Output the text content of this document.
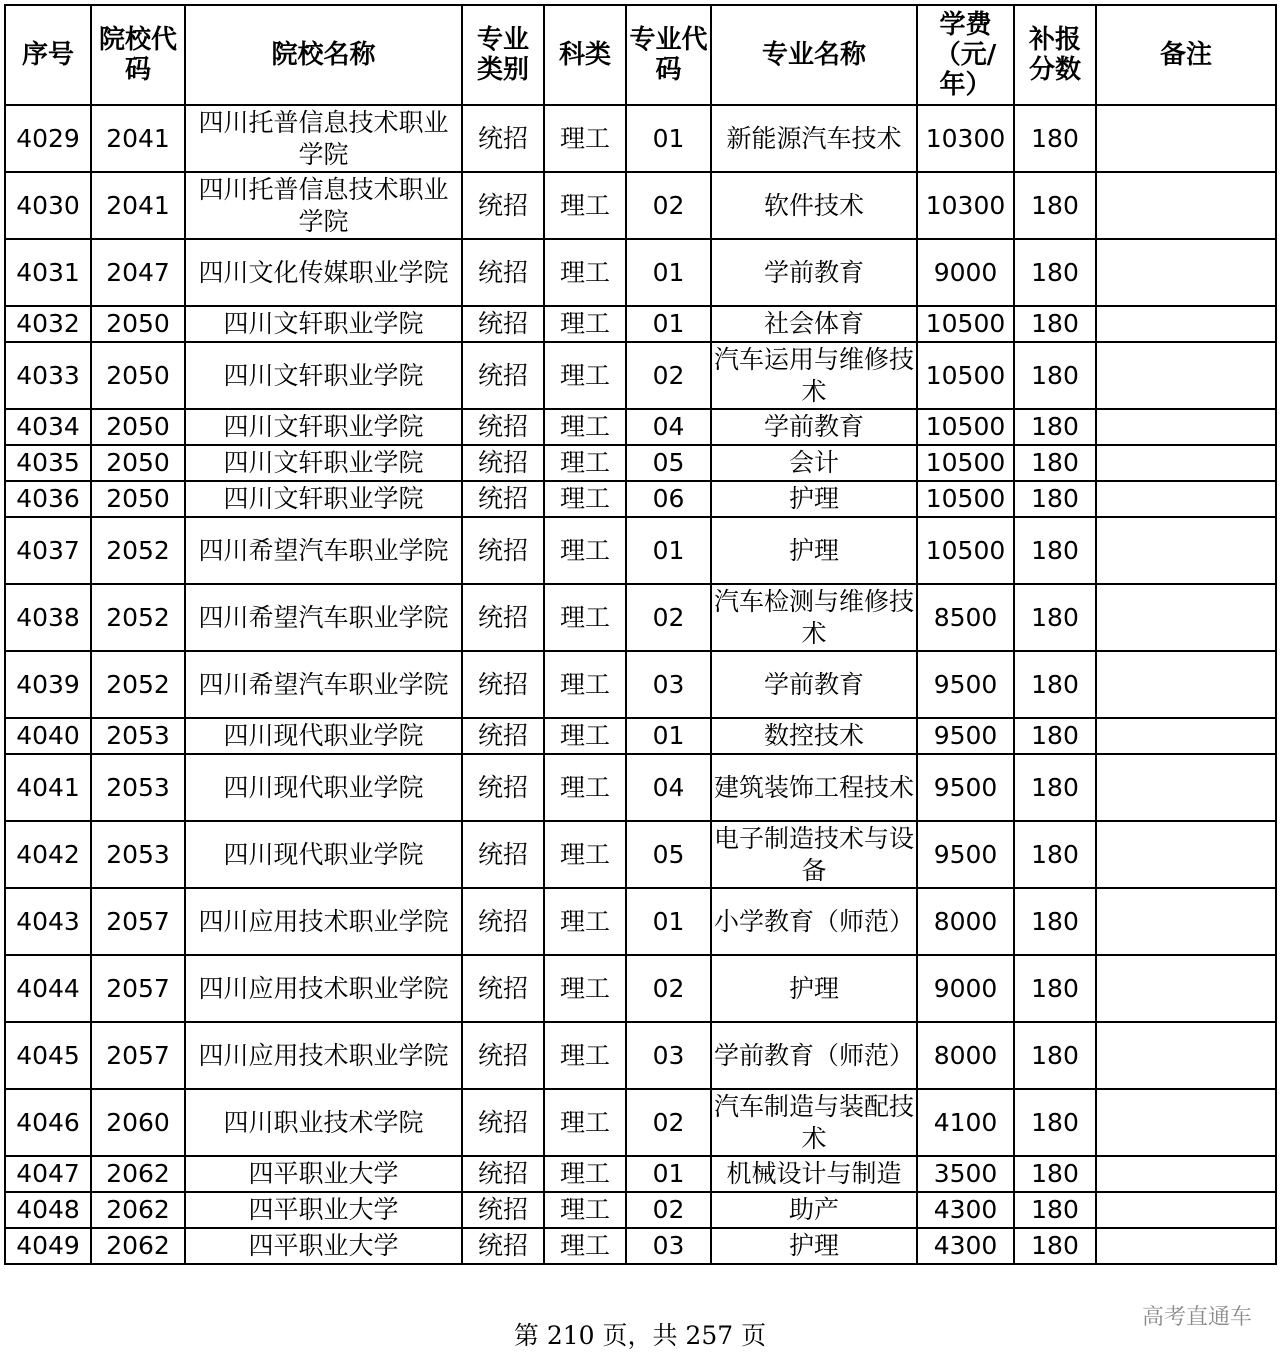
序号	院校代码	院校名称	专业类别	科类	专业代码	专业名称	学费（元/年）	补报分数	备注
4029	2041	四川托普信息技术职业学院	统招	理工	01	新能源汽车技术	10300	180	
4030	2041	四川托普信息技术职业学院	统招	理工	02	软件技术	10300	180	
4031	2047	四川文化传媒职业学院	统招	理工	01	学前教育	9000	180	
4032	2050	四川文轩职业学院	统招	理工	01	社会体育	10500	180	
4033	2050	四川文轩职业学院	统招	理工	02	汽车运用与维修技术	10500	180	
4034	2050	四川文轩职业学院	统招	理工	04	学前教育	10500	180	
4035	2050	四川文轩职业学院	统招	理工	05	会计	10500	180	
4036	2050	四川文轩职业学院	统招	理工	06	护理	10500	180	
4037	2052	四川希望汽车职业学院	统招	理工	01	护理	10500	180	
4038	2052	四川希望汽车职业学院	统招	理工	02	汽车检测与维修技术	8500	180	
4039	2052	四川希望汽车职业学院	统招	理工	03	学前教育	9500	180	
4040	2053	四川现代职业学院	统招	理工	01	数控技术	9500	180	
4041	2053	四川现代职业学院	统招	理工	04	建筑装饰工程技术	9500	180	
4042	2053	四川现代职业学院	统招	理工	05	电子制造技术与设备	9500	180	
4043	2057	四川应用技术职业学院	统招	理工	01	小学教育（师范）	8000	180	
4044	2057	四川应用技术职业学院	统招	理工	02	护理	9000	180	
4045	2057	四川应用技术职业学院	统招	理工	03	学前教育（师范）	8000	180	
4046	2060	四川职业技术学院	统招	理工	02	汽车制造与装配技术	4100	180	
4047	2062	四平职业大学	统招	理工	01	机械设计与制造	3500	180	
4048	2062	四平职业大学	统招	理工	02	助产	4300	180	
4049	2062	四平职业大学	统招	理工	03	护理	4300	180	
第 210 页，共 257 页
高考直通车
